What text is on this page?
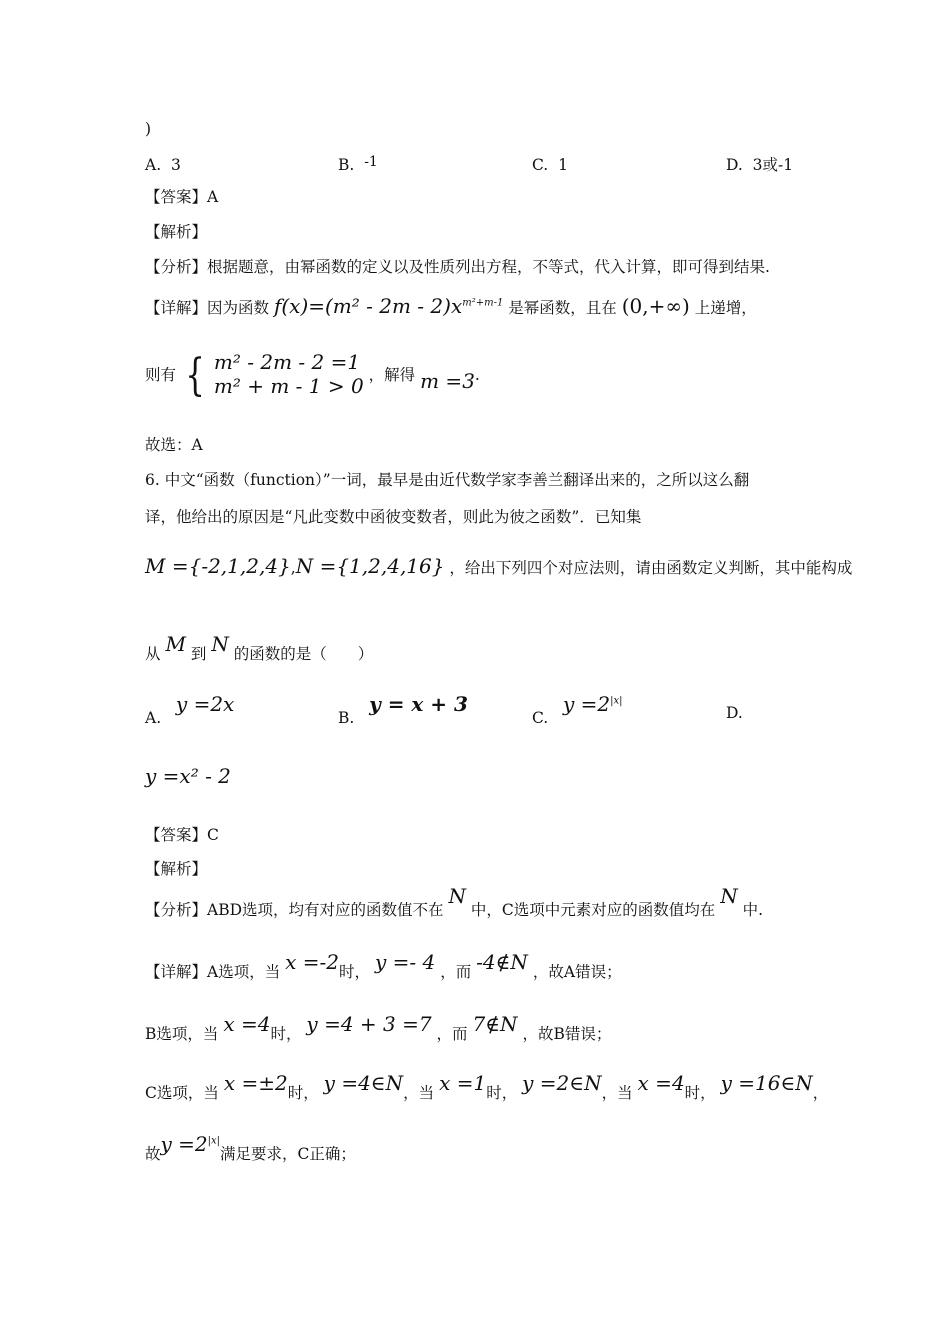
)
A. 3	B. -1	C. 1	D. 3或-1
【答案】A
【解析】
【分析】根据题意，由幂函数的定义以及性质列出方程，不等式，代入计算，即可得到结果.
【详解】因为函数 $f(x)=(m^2 - 2m - 2)x^{m^2+m-1}$ 是幂函数，且在 (0,+∞) 上递增，
则有 { m² - 2m - 2 =1
m² + m - 1 > 0 ，解得 m =3.
故选：A
6. 中文“函数（function）”一词，最早是由近代数学家李善兰翻译出来的，之所以这么翻
译，他给出的原因是“凡此变数中函彼变数者，则此为彼之函数”．已知集
M ={-2,1,2,4},N ={1,2,4,16} ，给出下列四个对应法则，请由函数定义判断，其中能构成
从 M 到 N 的函数的是（　　）
A.   y =2x
B.   y = x + 3
C.   $y =2^{|x|}$
D.
y =x² - 2
【答案】C
【解析】
【分析】ABD选项，均有对应的函数值不在 N 中，C选项中元素对应的函数值均在 N 中.
【详解】A选项，当 x =-2时， y =- 4 ，而 -4∉N ，故A错误；
B选项，当 x =4时， y =4 + 3 =7 ，而 7∉N ，故B错误；
C选项，当 x =±2时， y =4∈N，当 x =1时， y =2∈N，当 x =4时， y =16∈N，
故$y =2^{|x|}$满足要求，C正确；
